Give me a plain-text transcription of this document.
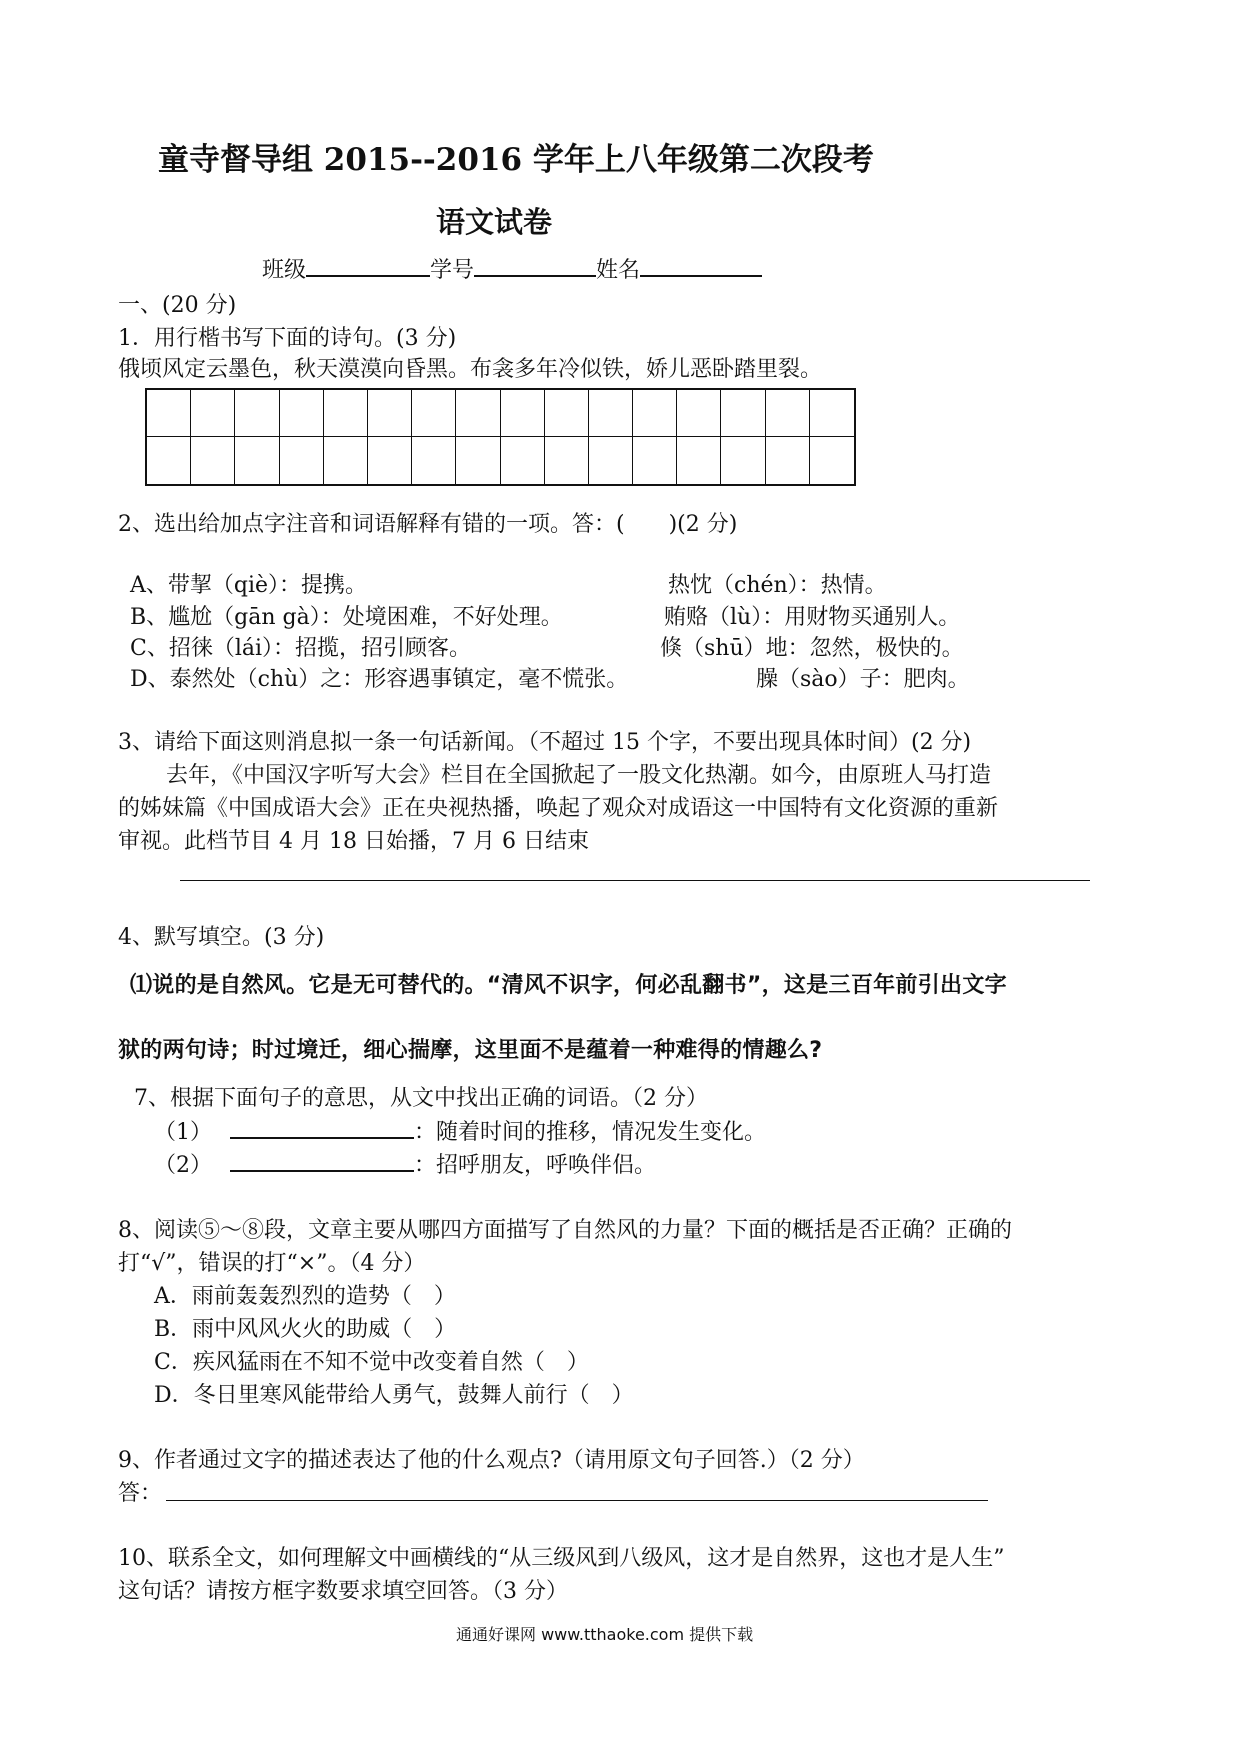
童寺督导组 2015--2016 学年上八年级第二次段考
语文试卷
班级	学号	姓名
一、(20 分)
1．用行楷书写下面的诗句。(3 分)
俄顷风定云墨色，秋天漠漠向昏黑。布衾多年冷似铁，娇儿恶卧踏里裂。
2、选出给加点字注音和词语解释有错的一项。答：(　　)(2 分)
A、带挈（qiè）：提携。	热忱（chén）：热情。
B、尴尬（gān gà）：处境困难，不好处理。	贿赂（lù）：用财物买通别人。
C、招徕（lái）：招揽，招引顾客。	倏（shū）地：忽然，极快的。
D、泰然处（chù）之：形容遇事镇定，毫不慌张。	臊（sào）子：肥肉。
3、请给下面这则消息拟一条一句话新闻。（不超过 15 个字，不要出现具体时间）(2 分)
去年，《中国汉字听写大会》栏目在全国掀起了一股文化热潮。如今，由原班人马打造
的姊妹篇《中国成语大会》正在央视热播，唤起了观众对成语这一中国特有文化资源的重新
审视。此档节目 4 月 18 日始播，7 月 6 日结束
4、默写填空。(3 分)
⑴说的是自然风。它是无可替代的。“清风不识字，何必乱翻书”，这是三百年前引出文字
狱的两句诗；时过境迁，细心揣摩，这里面不是蕴着一种难得的情趣么?
7、根据下面句子的意思，从文中找出正确的词语。（2 分）
（1）	：随着时间的推移，情况发生变化。
（2）	：招呼朋友，呼唤伴侣。
8、阅读⑤～⑧段，文章主要从哪四方面描写了自然风的力量？下面的概括是否正确？正确的
打“√”，错误的打“×”。（4 分）
A．雨前轰轰烈烈的造势（　）
B．雨中风风火火的助威（　）
C．疾风猛雨在不知不觉中改变着自然（　）
D．冬日里寒风能带给人勇气，鼓舞人前行（　）
9、作者通过文字的描述表达了他的什么观点?（请用原文句子回答.）（2 分）
答：
10、联系全文，如何理解文中画横线的“从三级风到八级风，这才是自然界，这也才是人生”
这句话？请按方框字数要求填空回答。（3 分）
通通好课网 www.tthaoke.com 提供下载
